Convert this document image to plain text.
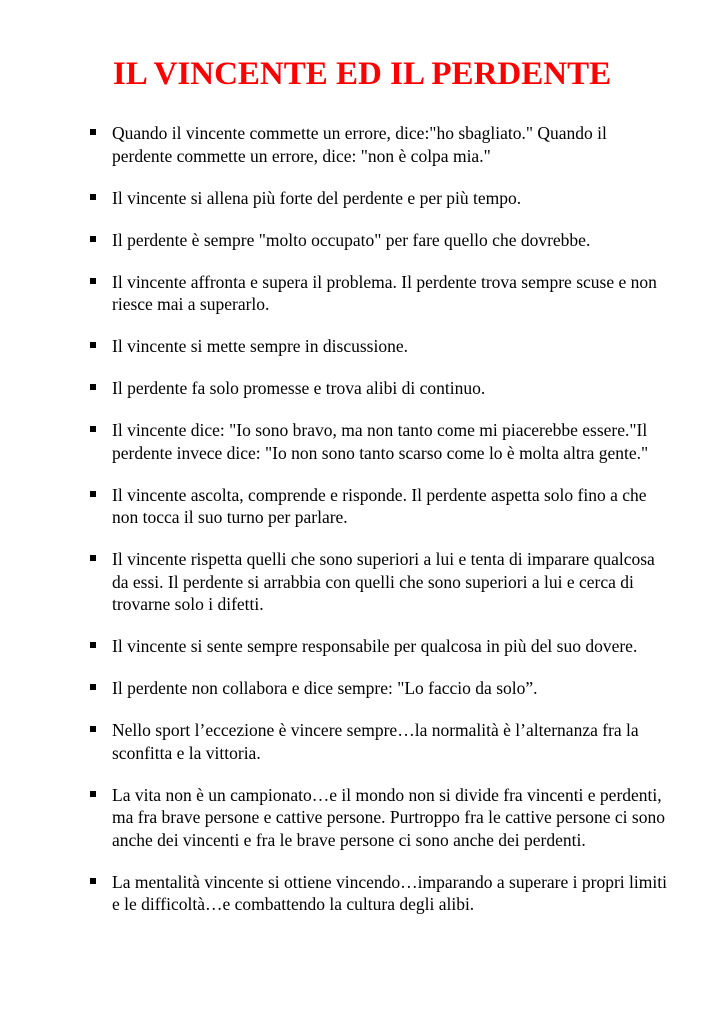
IL VINCENTE ED IL PERDENTE
Quando il vincente commette un errore, dice:"ho sbagliato." Quando il perdente commette un errore, dice: "non è colpa mia."
Il vincente si allena più forte del perdente e per più tempo.
Il perdente è sempre "molto occupato" per fare quello che dovrebbe.
Il vincente affronta e supera il problema. Il perdente trova sempre scuse e non riesce mai a superarlo.
Il vincente si mette sempre in discussione.
Il perdente fa solo promesse e trova alibi di continuo.
Il vincente dice: "Io sono bravo, ma non tanto come mi piacerebbe essere."Il perdente invece dice: "Io non sono tanto scarso come lo è molta altra gente."
Il vincente ascolta, comprende e risponde. Il perdente aspetta solo fino a che non tocca il suo turno per parlare.
Il vincente rispetta quelli che sono superiori a lui e tenta di imparare qualcosa da essi. Il perdente si arrabbia con quelli che sono superiori a lui e cerca di trovarne solo i difetti.
Il vincente si sente sempre responsabile per qualcosa in più del suo dovere.
Il perdente non collabora e dice sempre: "Lo faccio da solo”.
Nello sport l’eccezione è vincere sempre…la normalità è l’alternanza fra la sconfitta e la vittoria.
La vita non è un campionato…e il mondo non si divide fra vincenti e perdenti, ma fra brave persone e cattive persone. Purtroppo fra le cattive persone ci sono anche dei vincenti e fra le brave persone ci sono anche dei perdenti.
La mentalità vincente si ottiene vincendo…imparando a superare i propri limiti e le difficoltà…e combattendo la cultura degli alibi.
